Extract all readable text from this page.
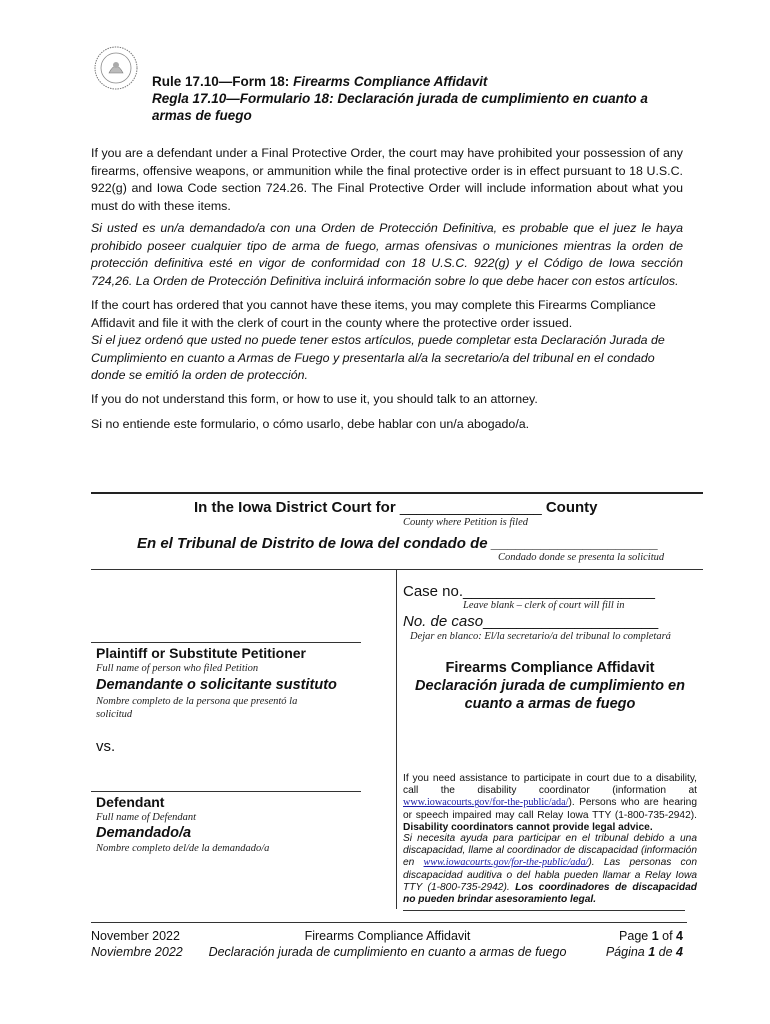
Rule 17.10—Form 18: Firearms Compliance Affidavit
Regla 17.10—Formulario 18: Declaración jurada de cumplimiento en cuanto a
armas de fuego

If you are a defendant under a Final Protective Order, the court may have prohibited your possession of any firearms, offensive weapons, or ammunition while the final protective order is in effect pursuant to 18 U.S.C. 922(g) and Iowa Code section 724.26. The Final Protective Order will include information about what you must do with these items.

Si usted es un/a demandado/a con una Orden de Protección Definitiva, es probable que el juez le haya prohibido poseer cualquier tipo de arma de fuego, armas ofensivas o municiones mientras la orden de protección definitiva esté en vigor de conformidad con 18 U.S.C. 922(g) y el Código de Iowa sección 724,26. La Orden de Protección Definitiva incluirá información sobre lo que debe hacer con estos artículos.

If the court has ordered that you cannot have these items, you may complete this Firearms Compliance Affidavit and file it with the clerk of court in the county where the protective order issued.

Si el juez ordenó que usted no puede tener estos artículos, puede completar esta Declaración Jurada de Cumplimiento en cuanto a Armas de Fuego y presentarla al/a la secretario/a del tribunal en el condado donde se emitió la orden de protección.

If you do not understand this form, or how to use it, you should talk to an attorney.

Si no entiende este formulario, o cómo usarlo, debe hablar con un/a abogado/a.

In the Iowa District Court for _________________ County
County where Petition is filed
En el Tribunal de Distrito de Iowa del condado de ____________________
Condado donde se presenta la solicitud
Case no._______________________
Leave blank – clerk of court will fill in
No. de caso_____________________
Dejar en blanco: El/la secretario/a del tribunal lo completará
Plaintiff or Substitute Petitioner
Full name of person who filed Petition
Demandante o solicitante sustituto
Nombre completo de la persona que presentó la solicitud
Firearms Compliance Affidavit
Declaración jurada de cumplimiento en
cuanto a armas de fuego
vs.
Defendant
Full name of Defendant
Demandado/a
Nombre completo del/de la demandado/a
If you need assistance to participate in court due to a disability, call the disability coordinator (information at www.iowacourts.gov/for-the-public/ada/). Persons who are hearing or speech impaired may call Relay Iowa TTY (1-800-735-2942). Disability coordinators cannot provide legal advice.
Si necesita ayuda para participar en el tribunal debido a una discapacidad, llame al coordinador de discapacidad (información en www.iowacourts.gov/for-the-public/ada/). Las personas con discapacidad auditiva o del habla pueden llamar a Relay Iowa TTY (1-800-735-2942). Los coordinadores de discapacidad no pueden brindar asesoramiento legal.
November 2022
Noviembre 2022
Firearms Compliance Affidavit
Declaración jurada de cumplimiento en cuanto a armas de fuego
Page 1 of 4
Página 1 de 4
